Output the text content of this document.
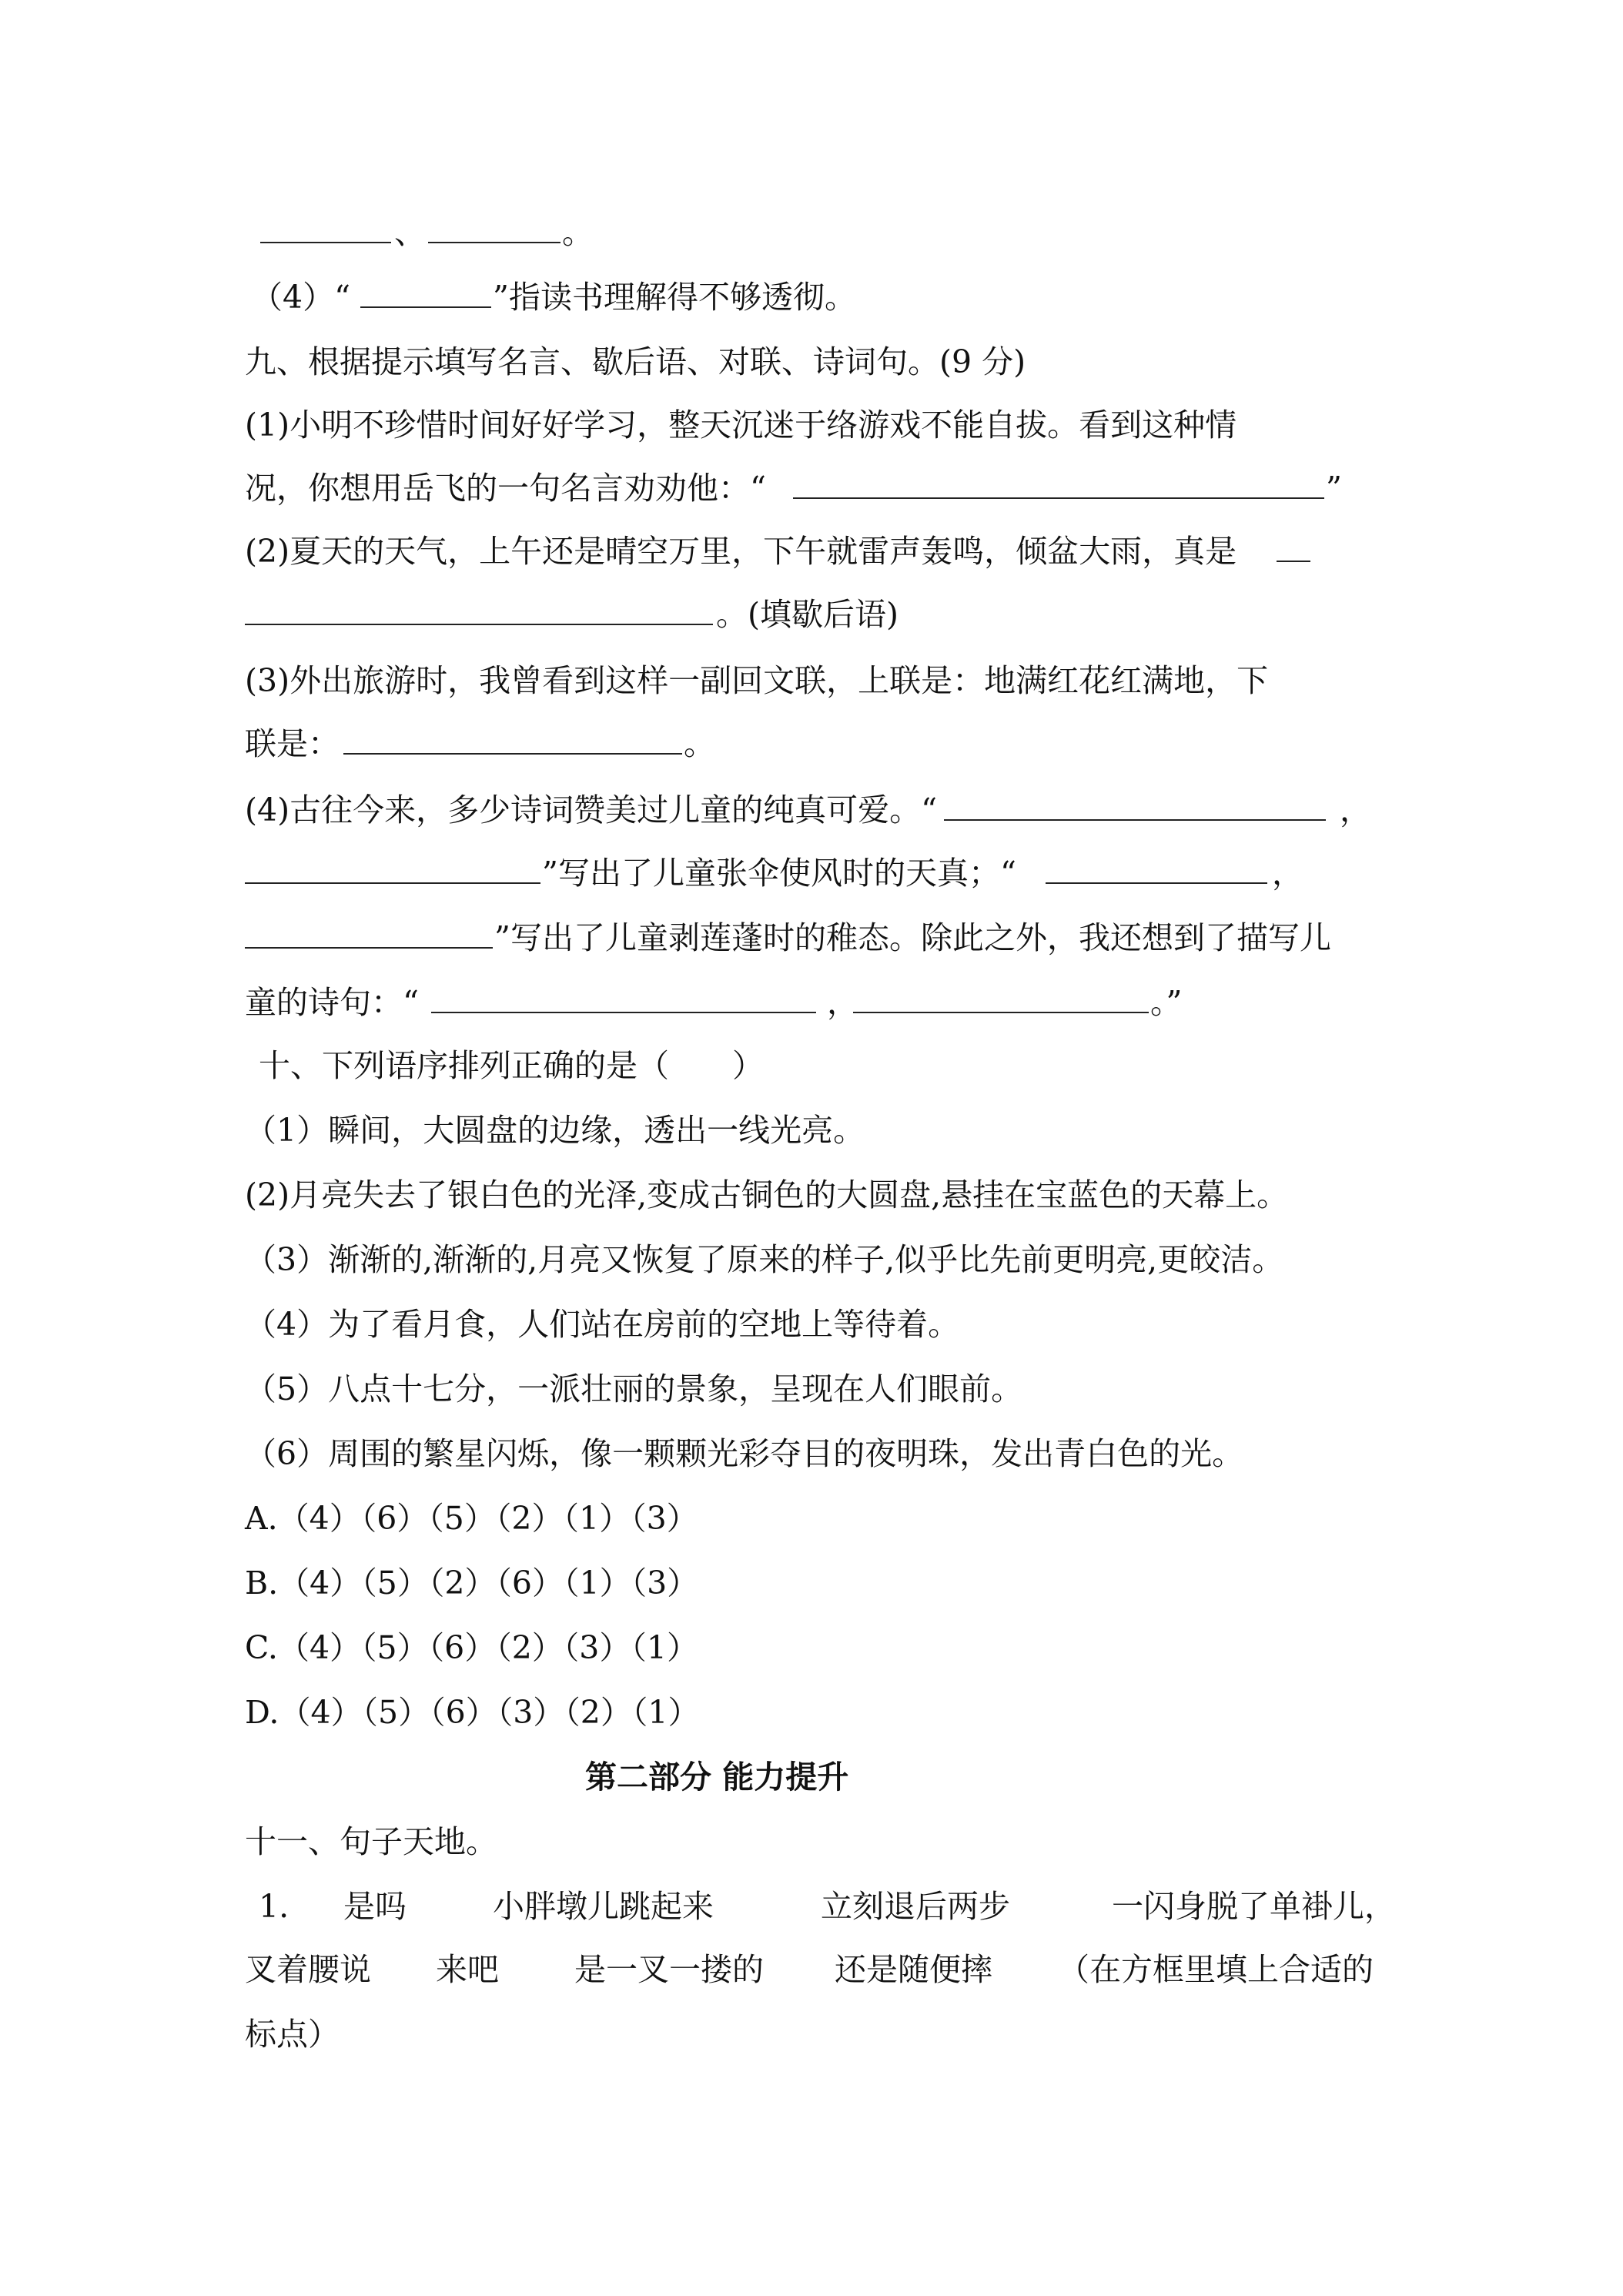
、	。
（4）“	”指读书理解得不够透彻。
九、根据提示填写名言、歇后语、对联、诗词句。(9 分)
(1)小明不珍惜时间好好学习，整天沉迷于络游戏不能自拔。看到这种情
况，你想用岳飞的一句名言劝劝他：“	”
(2)夏天的天气，上午还是晴空万里，下午就雷声轰鸣，倾盆大雨，真是
。(填歇后语)
(3)外出旅游时，我曾看到这样一副回文联，上联是：地满红花红满地，下
联是：	。
(4)古往今来，多少诗词赞美过儿童的纯真可爱。“	，
”写出了儿童张伞使风时的天真；“	，
”写出了儿童剥莲蓬时的稚态。除此之外，我还想到了描写儿
童的诗句：“	，	。”
十、下列语序排列正确的是（　　）
（1）瞬间，大圆盘的边缘，透出一线光亮。
(2)月亮失去了银白色的光泽,变成古铜色的大圆盘,悬挂在宝蓝色的天幕上。
（3）渐渐的,渐渐的,月亮又恢复了原来的样子,似乎比先前更明亮,更皎洁。
（4）为了看月食，人们站在房前的空地上等待着。
（5）八点十七分，一派壮丽的景象，呈现在人们眼前。
（6）周围的繁星闪烁，像一颗颗光彩夺目的夜明珠，发出青白色的光。
A.（4）（6）（5）（2）（1）（3）
B.（4）（5）（2）（6）（1）（3）
C.（4）（5）（6）（2）（3）（1）
D.（4）（5）（6）（3）（2）（1）
第二部分 能力提升
十一、句子天地。
1. 是吗	小胖墩儿跳起来	立刻退后两步	一闪身脱了单褂儿，
叉着腰说 来吧 是一叉一搂的 还是随便摔 （在方框里填上合适的
标点）
